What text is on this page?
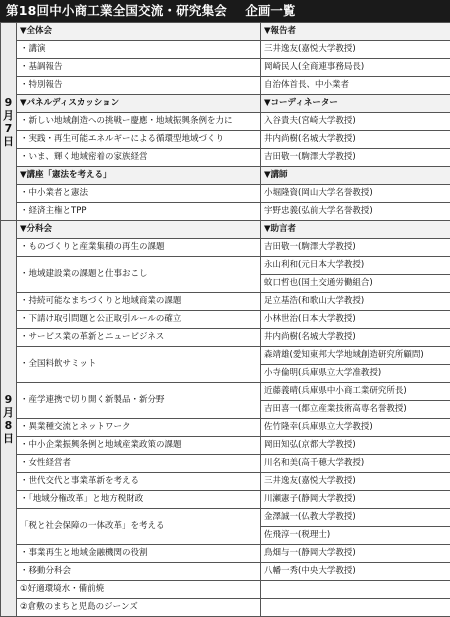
第18回中小商工業全国交流・研究集会 企画一覧
9
月
7
日	▼全体会	▼報告者
	・講演	三井逸友(嘉悦大学教授)
	・基調報告	岡崎民人(全商連事務局長)
	・特別報告	自治体首長、中小業者
	▼パネルディスカッション	▼コーディネーター
	・新しい地域創造への挑戦ー慶應・地域振興条例を力に	入谷貴夫(宮崎大学教授)
	・実践・再生可能エネルギーによる循環型地域づくり	井内尚樹(名城大学教授)
	・いま、輝く地域密着の家族経営	吉田敬一(駒澤大学教授)
	▼講座「憲法を考える」	▼講師
	・中小業者と憲法	小堀隆資(岡山大学名誉教授)
	・経済主権とTPP	宇野忠義(弘前大学名誉教授)

9
月
8
日	▼分科会	▼助言者
	・ものづくりと産業集積の再生の課題	吉田敬一(駒澤大学教授)
	・地域建設業の課題と仕事おこし	永山利和(元日本大学教授)
		蚊口哲也(国土交通労働組合)
	・持続可能なまちづくりと地域商業の課題	足立基浩(和歌山大学教授)
	・下請け取引問題と公正取引ルールの確立	小林世治(日本大学教授)
	・サービス業の革新とニュービジネス	井内尚樹(名城大学教授)
	・全国料飲サミット	森靖雄(愛知東邦大学地域創造研究所顧問)
		小寺倫明(兵庫県立大学准教授)
	・産学連携で切り開く新製品・新分野	近藤義晴(兵庫県中小商工業研究所長)
		吉田喜一(都立産業技術高専名誉教授)
	・異業種交流とネットワーク	佐竹隆幸(兵庫県立大学教授)
	・中小企業振興条例と地域産業政策の課題	岡田知弘(京都大学教授)
	・女性経営者	川名和美(高千穂大学教授)
	・世代交代と事業革新を考える	三井逸友(嘉悦大学教授)
	・「地域分権改革」と地方税財政	川瀬憲子(静岡大学教授)
	「税と社会保障の一体改革」を考える	金澤誠一(仏教大学教授)
		佐飛淳一(税理士)
	・事業再生と地域金融機関の役割	鳥畑与一(静岡大学教授)
	・移動分科会	八幡一秀(中央大学教授)
	①好適環境水・備前焼	
	②倉敷のまちと児島のジーンズ	
